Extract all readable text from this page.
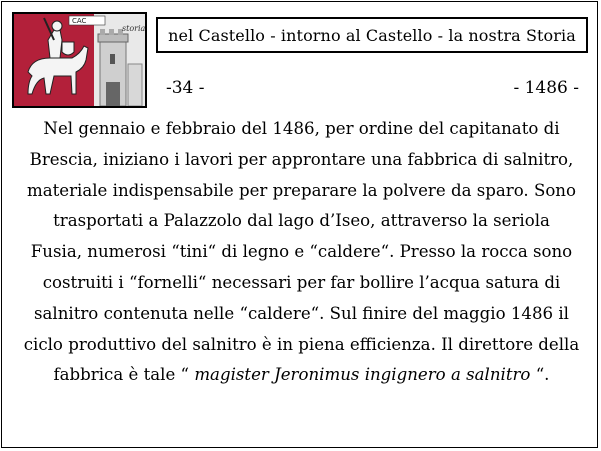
CAC
storia nel Castello - intorno al Castello - la nostra Storia
-34 -	- 1486 -

Nel gennaio e febbraio del 1486, per ordine del capitanato di
Brescia, iniziano i lavori per approntare una fabbrica di salnitro,
materiale indispensabile per preparare la polvere da sparo. Sono
trasportati a Palazzolo dal lago d’Iseo, attraverso la seriola
Fusia, numerosi “tini“ di legno e “caldere“. Presso la rocca sono
costruiti i “fornelli“ necessari per far bollire l’acqua satura di
salnitro contenuta nelle “caldere“. Sul finire del maggio 1486 il
ciclo produttivo del salnitro è in piena efficienza. Il direttore della
fabbrica è tale “ magister Jeronimus ingignero a salnitro “.
